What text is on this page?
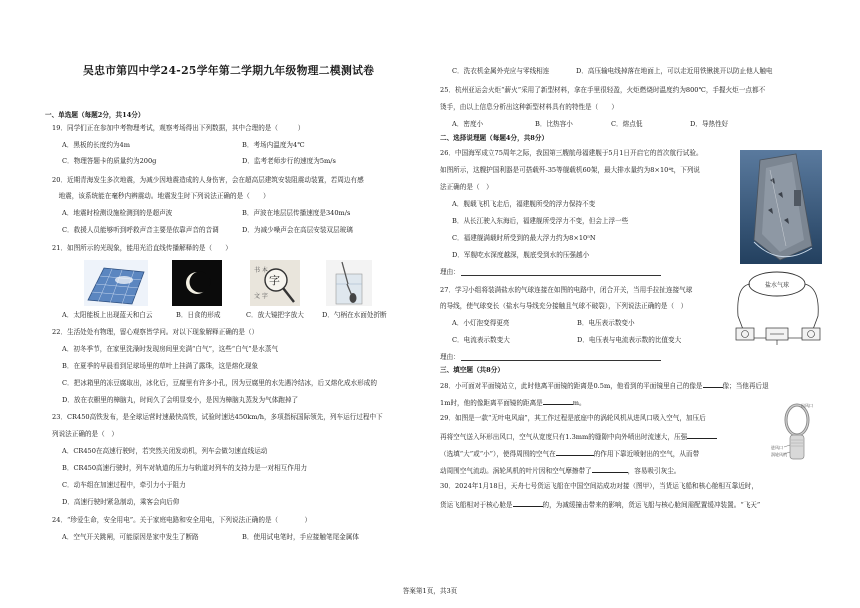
吴忠市第四中学24-25学年第二学期九年级物理二模测试卷
一、单选题（每题2分，共14分）
19．同学们正在参加中考物理考试，观察考场得出下列数据，其中合理的是（　　　）
A．黑板的长度约为4m	B．考场内温度为4℃
C．物理答题卡的质量约为200g	D．监考老师步行的速度为5m/s
20．近期青海发生多次地震，为减少因地震造成的人身伤害，会在超高层建筑安装阻震动装置，若周边有感
　地震，该系统能在毫秒内辨震动。地震发生时下列说法正确的是（　　）
A．地震时检测设施检测到的是超声波	B．声波在地层层传播速度是340m/s
C．救援人员能够听到呼救声音主要是依靠声音的音调	D．为减少噪声会在高层安装双层玻璃
21．如图所示的光现象，能用光沿直线传播解释的是（　　）
书 本
文 字
字
A．太阳能板上出现蓝天和白云	B．日食的形成	C．放大镜把字放大	D．勺柄在水面处折断
22．生活处处有物理，留心观察皆学问。对以下现象解释正确的是（）
A．初冬季节，在家里洗澡时发现房间里充满“白气”，这些“白气”是水蒸气
B．在夏季的早晨看到足球场里的草叶上挂满了露珠，这是熔化现象
C．把冰箱里的冻豆腐取出，冰化后，豆腐里有许多小孔，因为豆腐里的水先遇冷结冰，后又熔化成水形成的
D．放在衣橱里的樟脑丸，时间久了会明显变小，是因为樟脑丸蒸发为气体跑掉了
23．CR450高铁发布，是全球运营时速最快高铁，试验时速达450km/h，多项指标国际领先，列车运行过程中下
列说法正确的是（　）
A．CR450在高速行驶时，若突然关闭发动机，列车会做匀速直线运动
B．CR450高速行驶时，列车对轨道的压力与轨道对列车的支持力是一对相互作用力
C．动车组在加速过程中，牵引力小于阻力
D．高速行驶时紧急制动，乘客会向后仰
24．“珍爱生命，安全用电”。关于家庭电路和安全用电，下列说法正确的是（　　　　）
A．空气开关跳闸，可能原因是家中发生了断路	B．使用试电笔时，手应接触笔尾金属体
C．洗衣机金属外壳应与零线相连	D．高压输电线掉落在地面上，可以走近用铁锹挑开以防止他人触电
25．杭州亚运会火炬“薪火”采用了新型材料，拿在手里很轻盈，火炬燃烧时温度约为800℃，手握火炬一点都不
烫手，由以上信息分析出这种新型材料具有的特性是（　　）
A．密度小	B．比热容小	C．熔点低	D．导热性好
二、选择说理题（每题4分，共8分）
26．中国海军成立75周年之际，我国第三艘航母福建舰于5月1日开启它的首次航行试验。
如图所示，这艘护国利器是可搭载歼-35等舰载机60架，最大排水量约为8×10⁴t，下列说
法正确的是（　）
A．舰载飞机飞走后，福建舰所受的浮力保持不变
B．从长江驶入东海后，福建舰所受浮力不变，但会上浮一些
C．福建舰满载时所受到的最大浮力约为8×10⁵N
D．军舰吃水深度越深，舰底受到水的压强越小
理由：
27．学习小组将装满盐水的气球连接在如图的电路中，闭合开关，当用手拉扯连接气球
的导线，使气球变长（盐水与导线充分接触且气球不破裂），下列说法正确的是（　）
盐水气球
A．小灯泡变得更亮	B．电压表示数变小
C．电流表示数变大	D．电压表与电流表示数的比值变大
理由：
三、填空题（共8分）
28．小可面对平面镜站立，此时他离平面镜的距离是0.5m，他看到的平面镜里自己的像是	像；当他再后退
1m时，他的像距离平面镜的距离是	m。
29．如图是一款“无叶电风扇”，其工作过程是底座中的涡轮风机从进风口吸入空气，加压后
再将空气送入环形出风口，空气从宽度只有1.3mm的缝隙中向外喷出时流速大，压强
（选填“大”或“小”），使得周围的空气在	的作用下靠近喷射出的空气，从而带
动周围空气流动。涡轮风机的叶片因和空气摩擦带了	，容易吸引灰尘。
出风口
进风口
涡轮风机
30．2024年1月18日，天舟七号货运飞船在中国空间站成功对接（图甲），当货运飞船和核心舱相互靠近时，
货运飞船相对于核心舱是	的，为减缓撞击带来的影响，货运飞船与核心舱间需配置缓冲装置。“飞天”
答案第1页，共3页
